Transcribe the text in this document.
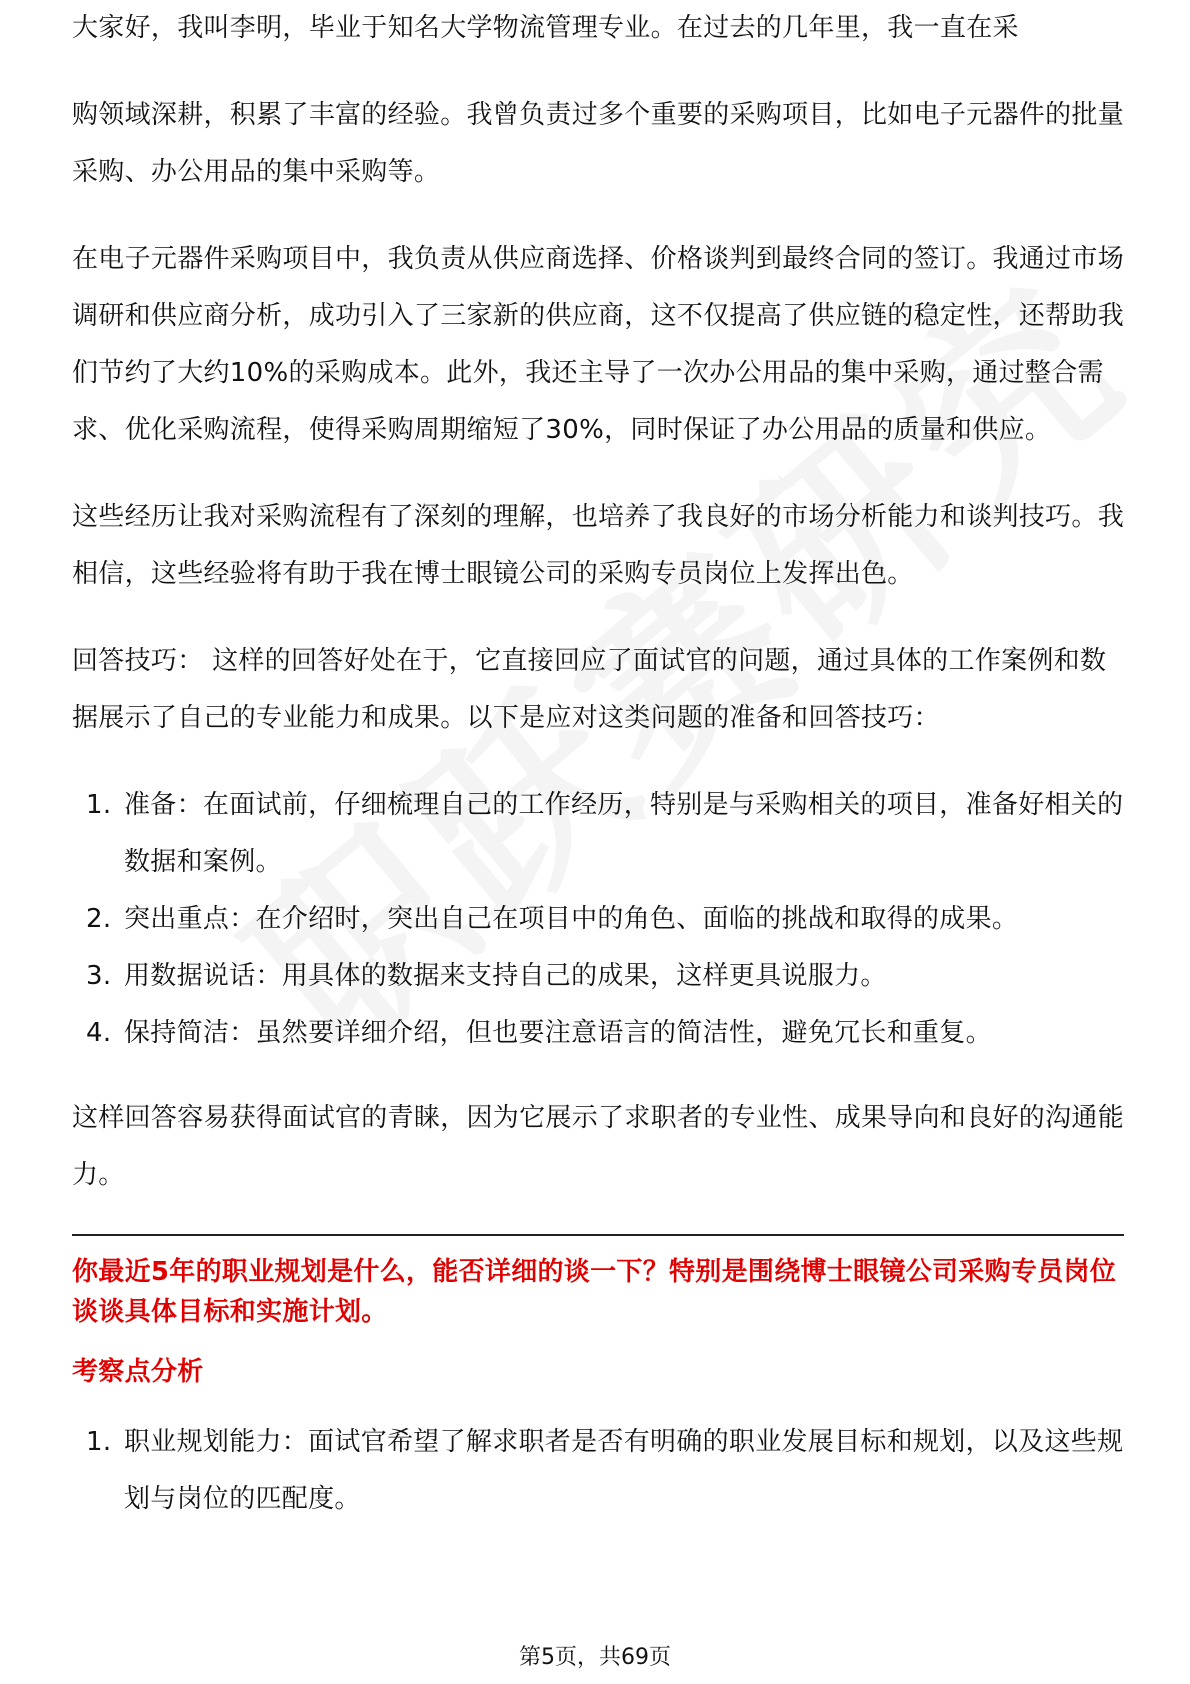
大家好，我叫李明，毕业于知名大学物流管理专业。在过去的几年里，我一直在采

购领域深耕，积累了丰富的经验。我曾负责过多个重要的采购项目，比如电子元器件的批量采购、办公用品的集中采购等。

在电子元器件采购项目中，我负责从供应商选择、价格谈判到最终合同的签订。我通过市场调研和供应商分析，成功引入了三家新的供应商，这不仅提高了供应链的稳定性，还帮助我们节约了大约10%的采购成本。此外，我还主导了一次办公用品的集中采购，通过整合需求、优化采购流程，使得采购周期缩短了30%，同时保证了办公用品的质量和供应。

这些经历让我对采购流程有了深刻的理解，也培养了我良好的市场分析能力和谈判技巧。我相信，这些经验将有助于我在博士眼镜公司的采购专员岗位上发挥出色。

回答技巧： 这样的回答好处在于，它直接回应了面试官的问题，通过具体的工作案例和数据展示了自己的专业能力和成果。以下是应对这类问题的准备和回答技巧：

1. 准备：在面试前，仔细梳理自己的工作经历，特别是与采购相关的项目，准备好相关的数据和案例。
2. 突出重点：在介绍时，突出自己在项目中的角色、面临的挑战和取得的成果。
3. 用数据说话：用具体的数据来支持自己的成果，这样更具说服力。
4. 保持简洁：虽然要详细介绍，但也要注意语言的简洁性，避免冗长和重复。

这样回答容易获得面试官的青睐，因为它展示了求职者的专业性、成果导向和良好的沟通能力。

你最近5年的职业规划是什么，能否详细的谈一下？特别是围绕博士眼镜公司采购专员岗位谈谈具体目标和实施计划。
考察点分析
1. 职业规划能力：面试官希望了解求职者是否有明确的职业发展目标和规划，以及这些规划与岗位的匹配度。
第5页，共69页
